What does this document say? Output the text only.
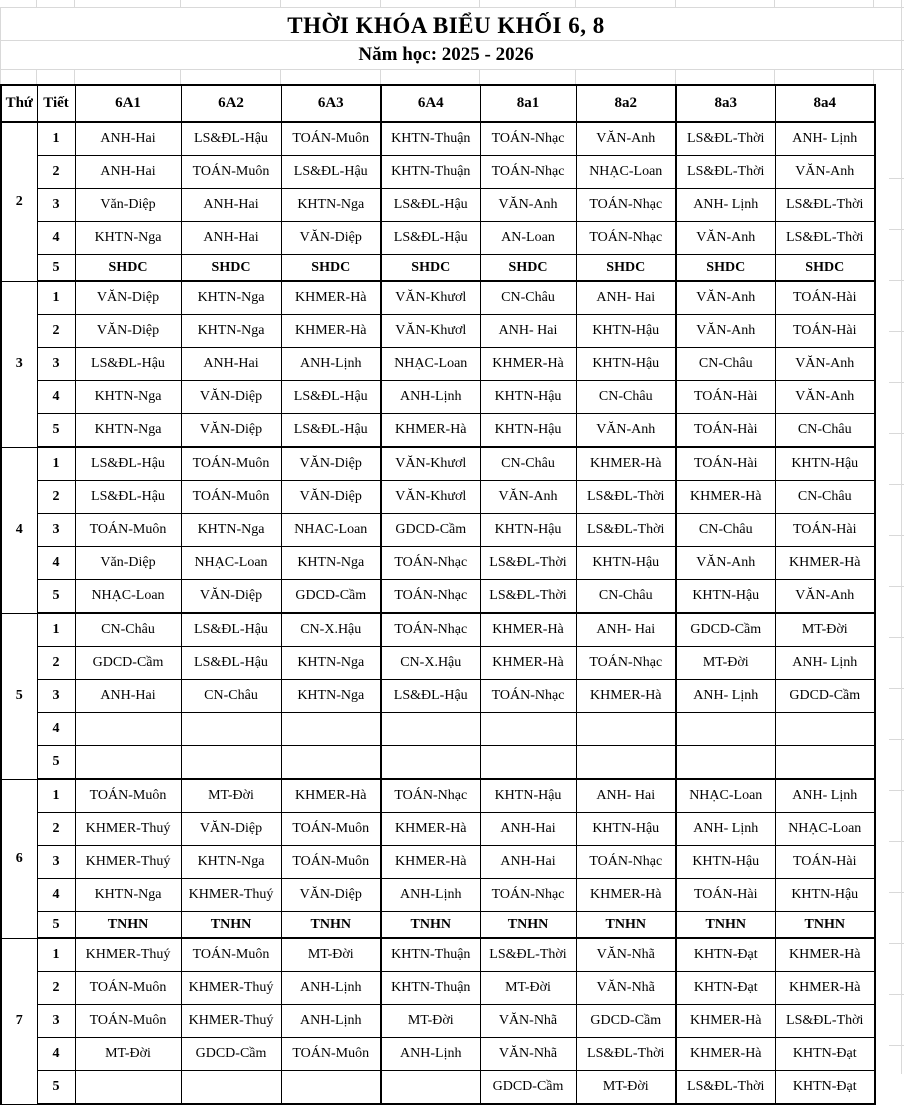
THỜI KHÓA BIỂU KHỐI 6, 8
Năm học: 2025 - 2026
Thứ	Tiết	6A1	6A2	6A3	6A4	8a1	8a2	8a3	8a4
2	1	ANH-Hai	LS&ĐL-Hậu	TOÁN-Muôn	KHTN-Thuận	TOÁN-Nhạc	VĂN-Anh	LS&ĐL-Thời	ANH- Lịnh
	2	ANH-Hai	TOÁN-Muôn	LS&ĐL-Hậu	KHTN-Thuận	TOÁN-Nhạc	NHẠC-Loan	LS&ĐL-Thời	VĂN-Anh
	3	Văn-Diệp	ANH-Hai	KHTN-Nga	LS&ĐL-Hậu	VĂN-Anh	TOÁN-Nhạc	ANH- Lịnh	LS&ĐL-Thời
	4	KHTN-Nga	ANH-Hai	VĂN-Diệp	LS&ĐL-Hậu	AN-Loan	TOÁN-Nhạc	VĂN-Anh	LS&ĐL-Thời
	5	SHDC	SHDC	SHDC	SHDC	SHDC	SHDC	SHDC	SHDC
3	1	VĂN-Diệp	KHTN-Nga	KHMER-Hà	VĂN-Khươl	CN-Châu	ANH- Hai	VĂN-Anh	TOÁN-Hài
	2	VĂN-Diệp	KHTN-Nga	KHMER-Hà	VĂN-Khươl	ANH- Hai	KHTN-Hậu	VĂN-Anh	TOÁN-Hài
	3	LS&ĐL-Hậu	ANH-Hai	ANH-Lịnh	NHẠC-Loan	KHMER-Hà	KHTN-Hậu	CN-Châu	VĂN-Anh
	4	KHTN-Nga	VĂN-Diệp	LS&ĐL-Hậu	ANH-Lịnh	KHTN-Hậu	CN-Châu	TOÁN-Hài	VĂN-Anh
	5	KHTN-Nga	VĂN-Diệp	LS&ĐL-Hậu	KHMER-Hà	KHTN-Hậu	VĂN-Anh	TOÁN-Hài	CN-Châu
4	1	LS&ĐL-Hậu	TOÁN-Muôn	VĂN-Diệp	VĂN-Khươl	CN-Châu	KHMER-Hà	TOÁN-Hài	KHTN-Hậu
	2	LS&ĐL-Hậu	TOÁN-Muôn	VĂN-Diệp	VĂN-Khươl	VĂN-Anh	LS&ĐL-Thời	KHMER-Hà	CN-Châu
	3	TOÁN-Muôn	KHTN-Nga	NHAC-Loan	GDCD-Cầm	KHTN-Hậu	LS&ĐL-Thời	CN-Châu	TOÁN-Hài
	4	Văn-Diệp	NHẠC-Loan	KHTN-Nga	TOÁN-Nhạc	LS&ĐL-Thời	KHTN-Hậu	VĂN-Anh	KHMER-Hà
	5	NHẠC-Loan	VĂN-Diệp	GDCD-Cầm	TOÁN-Nhạc	LS&ĐL-Thời	CN-Châu	KHTN-Hậu	VĂN-Anh
5	1	CN-Châu	LS&ĐL-Hậu	CN-X.Hậu	TOÁN-Nhạc	KHMER-Hà	ANH- Hai	GDCD-Cầm	MT-Đời
	2	GDCD-Cầm	LS&ĐL-Hậu	KHTN-Nga	CN-X.Hậu	KHMER-Hà	TOÁN-Nhạc	MT-Đời	ANH- Lịnh
	3	ANH-Hai	CN-Châu	KHTN-Nga	LS&ĐL-Hậu	TOÁN-Nhạc	KHMER-Hà	ANH- Lịnh	GDCD-Cầm
	4								
	5								
6	1	TOÁN-Muôn	MT-Đời	KHMER-Hà	TOÁN-Nhạc	KHTN-Hậu	ANH- Hai	NHẠC-Loan	ANH- Lịnh
	2	KHMER-Thuý	VĂN-Diệp	TOÁN-Muôn	KHMER-Hà	ANH-Hai	KHTN-Hậu	ANH- Lịnh	NHẠC-Loan
	3	KHMER-Thuý	KHTN-Nga	TOÁN-Muôn	KHMER-Hà	ANH-Hai	TOÁN-Nhạc	KHTN-Hậu	TOÁN-Hài
	4	KHTN-Nga	KHMER-Thuý	VĂN-Diệp	ANH-Lịnh	TOÁN-Nhạc	KHMER-Hà	TOÁN-Hài	KHTN-Hậu
	5	TNHN	TNHN	TNHN	TNHN	TNHN	TNHN	TNHN	TNHN
7	1	KHMER-Thuý	TOÁN-Muôn	MT-Đời	KHTN-Thuận	LS&ĐL-Thời	VĂN-Nhã	KHTN-Đạt	KHMER-Hà
	2	TOÁN-Muôn	KHMER-Thuý	ANH-Lịnh	KHTN-Thuận	MT-Đời	VĂN-Nhã	KHTN-Đạt	KHMER-Hà
	3	TOÁN-Muôn	KHMER-Thuý	ANH-Lịnh	MT-Đời	VĂN-Nhã	GDCD-Cầm	KHMER-Hà	LS&ĐL-Thời
	4	MT-Đời	GDCD-Cầm	TOÁN-Muôn	ANH-Lịnh	VĂN-Nhã	LS&ĐL-Thời	KHMER-Hà	KHTN-Đạt
	5					GDCD-Cầm	MT-Đời	LS&ĐL-Thời	KHTN-Đạt
